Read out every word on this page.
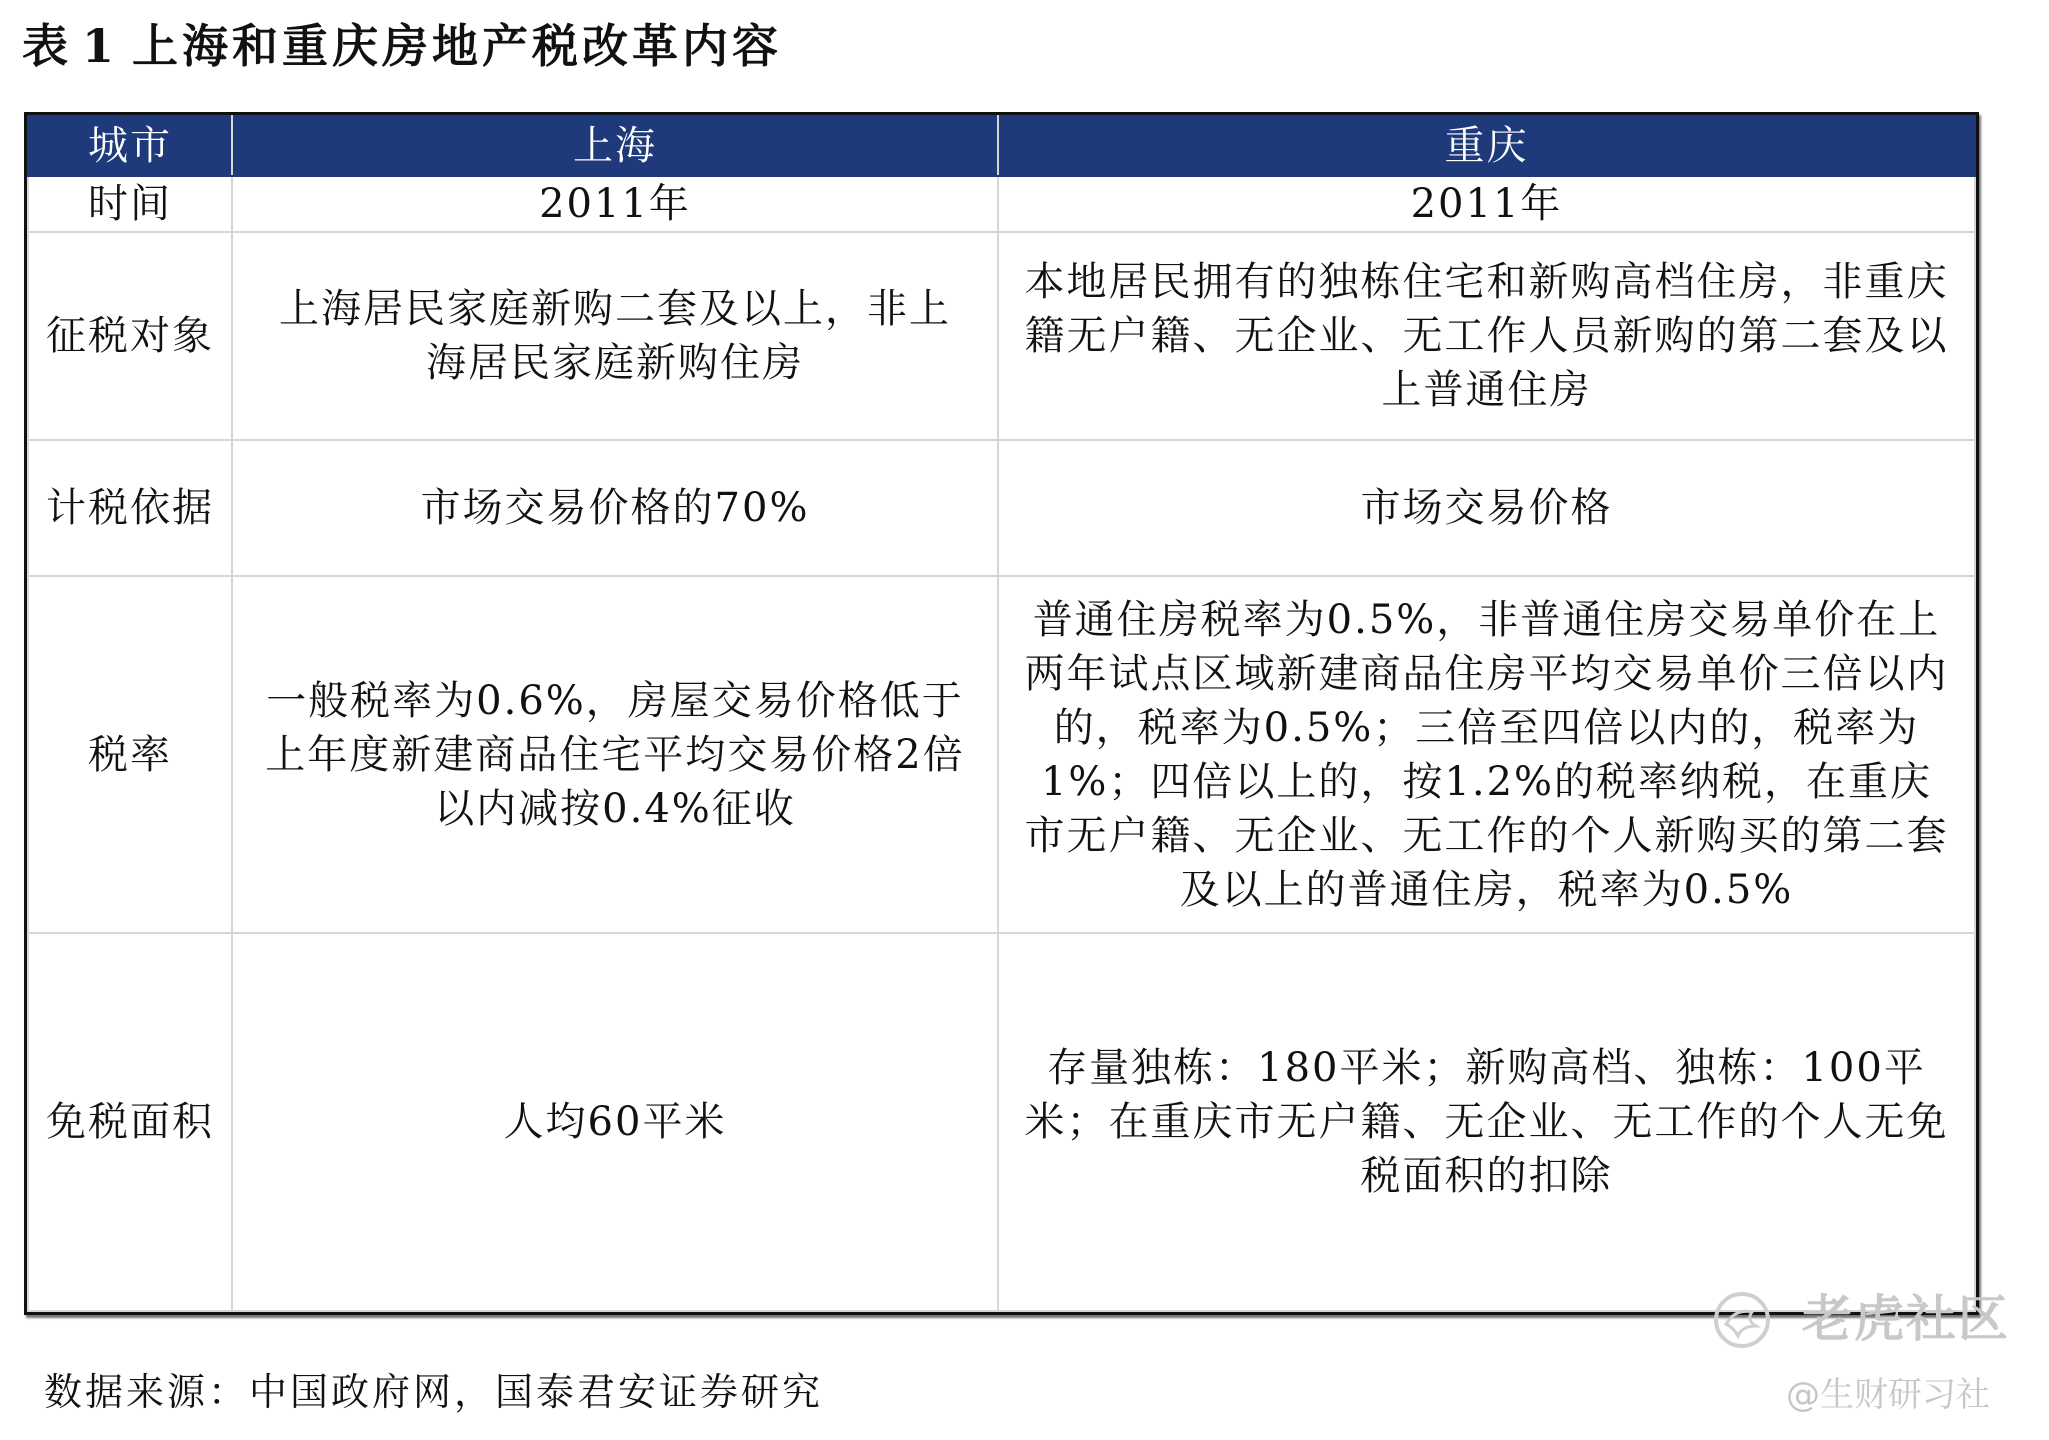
表 1 上海和重庆房地产税改革内容
城市	上海	重庆
时间	2011年	2011年
征税对象	上海居民家庭新购二套及以上，非上海居民家庭新购住房	本地居民拥有的独栋住宅和新购高档住房，非重庆籍无户籍、无企业、无工作人员新购的第二套及以上普通住房
计税依据	市场交易价格的70%	市场交易价格
税率	一般税率为0.6%，房屋交易价格低于上年度新建商品住宅平均交易价格2倍以内减按0.4%征收	普通住房税率为0.5%，非普通住房交易单价在上两年试点区域新建商品住房平均交易单价三倍以内的，税率为0.5%；三倍至四倍以内的，税率为1%；四倍以上的，按1.2%的税率纳税，在重庆市无户籍、无企业、无工作的个人新购买的第二套及以上的普通住房，税率为0.5%
免税面积	人均60平米	存量独栋：180平米；新购高档、独栋：100平米；在重庆市无户籍、无企业、无工作的个人无免税面积的扣除
老虎社区
数据来源：中国政府网，国泰君安证券研究	@生财研习社
